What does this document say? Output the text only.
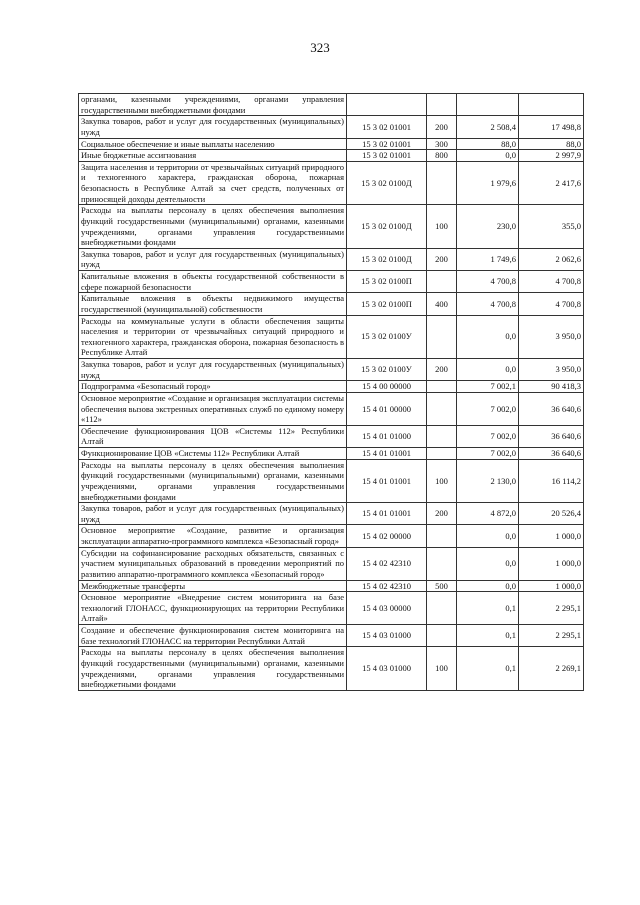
323
органами, казенными учреждениями, органами управления государственными внебюджетными фондами				
Закупка товаров, работ и услуг для государственных (муниципальных) нужд	15 3 02 01001	200	2 508,4	17 498,8
Социальное обеспечение и иные выплаты населению	15 3 02 01001	300	88,0	88,0
Иные бюджетные ассигнования	15 3 02 01001	800	0,0	2 997,9
Защита населения и территории от чрезвычайных ситуаций природного и техногенного характера, гражданская оборона, пожарная безопасность в Республике Алтай за счет средств, полученных от приносящей доходы деятельности	15 3 02 0100Д		1 979,6	2 417,6
Расходы на выплаты персоналу в целях обеспечения выполнения функций государственными (муниципальными) органами, казенными учреждениями, органами управления государственными внебюджетными фондами	15 3 02 0100Д	100	230,0	355,0
Закупка товаров, работ и услуг для государственных (муниципальных) нужд	15 3 02 0100Д	200	1 749,6	2 062,6
Капитальные вложения в объекты государственной собственности в сфере пожарной безопасности	15 3 02 0100П		4 700,8	4 700,8
Капитальные вложения в объекты недвижимого имущества государственной (муниципальной) собственности	15 3 02 0100П	400	4 700,8	4 700,8
Расходы на коммунальные услуги в области обеспечения защиты населения и территории от чрезвычайных ситуаций природного и техногенного характера, гражданская оборона, пожарная безопасность в Республике Алтай	15 3 02 0100У		0,0	3 950,0
Закупка товаров, работ и услуг для государственных (муниципальных) нужд	15 3 02 0100У	200	0,0	3 950,0
Подпрограмма «Безопасный город»	15 4 00 00000		7 002,1	90 418,3
Основное мероприятие «Создание и организация эксплуатации системы обеспечения вызова экстренных оперативных служб по единому номеру «112»	15 4 01 00000		7 002,0	36 640,6
Обеспечение функционирования ЦОВ «Системы 112» Республики Алтай	15 4 01 01000		7 002,0	36 640,6
Функционирование ЦОВ «Системы 112» Республики Алтай	15 4 01 01001		7 002,0	36 640,6
Расходы на выплаты персоналу в целях обеспечения выполнения функций государственными (муниципальными) органами, казенными учреждениями, органами управления государственными внебюджетными фондами	15 4 01 01001	100	2 130,0	16 114,2
Закупка товаров, работ и услуг для государственных (муниципальных) нужд	15 4 01 01001	200	4 872,0	20 526,4
Основное мероприятие «Создание, развитие и организация эксплуатации аппаратно-программного комплекса «Безопасный город»	15 4 02 00000		0,0	1 000,0
Субсидии на софинансирование расходных обязательств, связанных с участием муниципальных образований в проведении мероприятий по развитию аппаратно-программного комплекса «Безопасный город»	15 4 02 42310		0,0	1 000,0
Межбюджетные трансферты	15 4 02 42310	500	0,0	1 000,0
Основное мероприятие «Внедрение систем мониторинга на базе технологий ГЛОНАСС, функционирующих на территории Республики Алтай»	15 4 03 00000		0,1	2 295,1
Создание и обеспечение функционирования систем мониторинга на базе технологий ГЛОНАСС на территории Республики Алтай	15 4 03 01000		0,1	2 295,1
Расходы на выплаты персоналу в целях обеспечения выполнения функций государственными (муниципальными) органами, казенными учреждениями, органами управления государственными внебюджетными фондами	15 4 03 01000	100	0,1	2 269,1
